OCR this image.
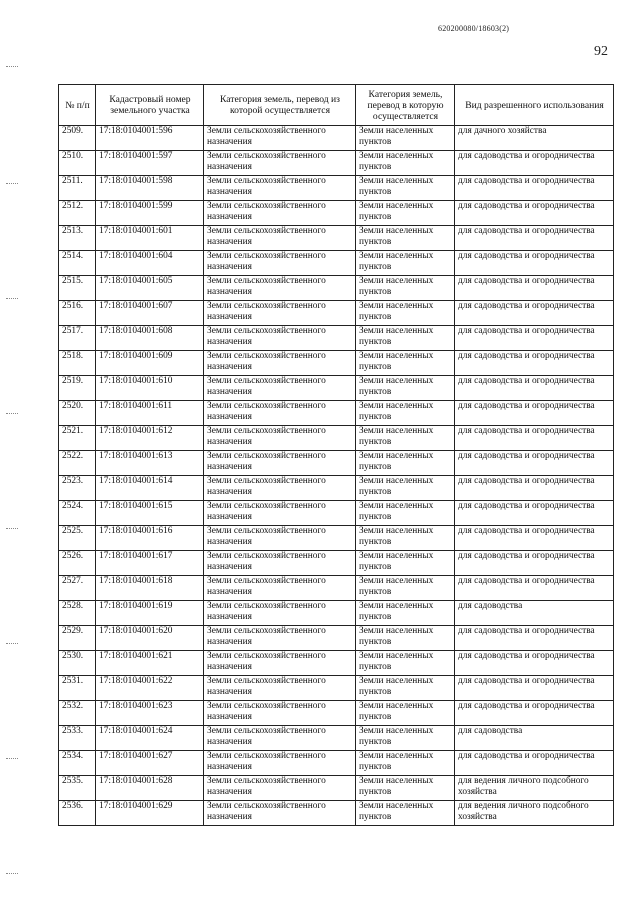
620200080/18603(2)
92
№ п/п	Кадастровый номер земельного участка	Категория земель, перевод из которой осуществляется	Категория земель, перевод в которую осуществляется	Вид разрешенного использования
2509.	17:18:0104001:596	Земли сельскохозяйственного назначения	Земли населенных пунктов	для дачного хозяйства
2510.	17:18:0104001:597	Земли сельскохозяйственного назначения	Земли населенных пунктов	для садоводства и огородничества
2511.	17:18:0104001:598	Земли сельскохозяйственного назначения	Земли населенных пунктов	для садоводства и огородничества
2512.	17:18:0104001:599	Земли сельскохозяйственного назначения	Земли населенных пунктов	для садоводства и огородничества
2513.	17:18:0104001:601	Земли сельскохозяйственного назначения	Земли населенных пунктов	для садоводства и огородничества
2514.	17:18:0104001:604	Земли сельскохозяйственного назначения	Земли населенных пунктов	для садоводства и огородничества
2515.	17:18:0104001:605	Земли сельскохозяйственного назначения	Земли населенных пунктов	для садоводства и огородничества
2516.	17:18:0104001:607	Земли сельскохозяйственного назначения	Земли населенных пунктов	для садоводства и огородничества
2517.	17:18:0104001:608	Земли сельскохозяйственного назначения	Земли населенных пунктов	для садоводства и огородничества
2518.	17:18:0104001:609	Земли сельскохозяйственного назначения	Земли населенных пунктов	для садоводства и огородничества
2519.	17:18:0104001:610	Земли сельскохозяйственного назначения	Земли населенных пунктов	для садоводства и огородничества
2520.	17:18:0104001:611	Земли сельскохозяйственного назначения	Земли населенных пунктов	для садоводства и огородничества
2521.	17:18:0104001:612	Земли сельскохозяйственного назначения	Земли населенных пунктов	для садоводства и огородничества
2522.	17:18:0104001:613	Земли сельскохозяйственного назначения	Земли населенных пунктов	для садоводства и огородничества
2523.	17:18:0104001:614	Земли сельскохозяйственного назначения	Земли населенных пунктов	для садоводства и огородничества
2524.	17:18:0104001:615	Земли сельскохозяйственного назначения	Земли населенных пунктов	для садоводства и огородничества
2525.	17:18:0104001:616	Земли сельскохозяйственного назначения	Земли населенных пунктов	для садоводства и огородничества
2526.	17:18:0104001:617	Земли сельскохозяйственного назначения	Земли населенных пунктов	для садоводства и огородничества
2527.	17:18:0104001:618	Земли сельскохозяйственного назначения	Земли населенных пунктов	для садоводства и огородничества
2528.	17:18:0104001:619	Земли сельскохозяйственного назначения	Земли населенных пунктов	для садоводства
2529.	17:18:0104001:620	Земли сельскохозяйственного назначения	Земли населенных пунктов	для садоводства и огородничества
2530.	17:18:0104001:621	Земли сельскохозяйственного назначения	Земли населенных пунктов	для садоводства и огородничества
2531.	17:18:0104001:622	Земли сельскохозяйственного назначения	Земли населенных пунктов	для садоводства и огородничества
2532.	17:18:0104001:623	Земли сельскохозяйственного назначения	Земли населенных пунктов	для садоводства и огородничества
2533.	17:18:0104001:624	Земли сельскохозяйственного назначения	Земли населенных пунктов	для садоводства
2534.	17:18:0104001:627	Земли сельскохозяйственного назначения	Земли населенных пунктов	для садоводства и огородничества
2535.	17:18:0104001:628	Земли сельскохозяйственного назначения	Земли населенных пунктов	для ведения личного подсобного хозяйства
2536.	17:18:0104001:629	Земли сельскохозяйственного назначения	Земли населенных пунктов	для ведения личного подсобного хозяйства
